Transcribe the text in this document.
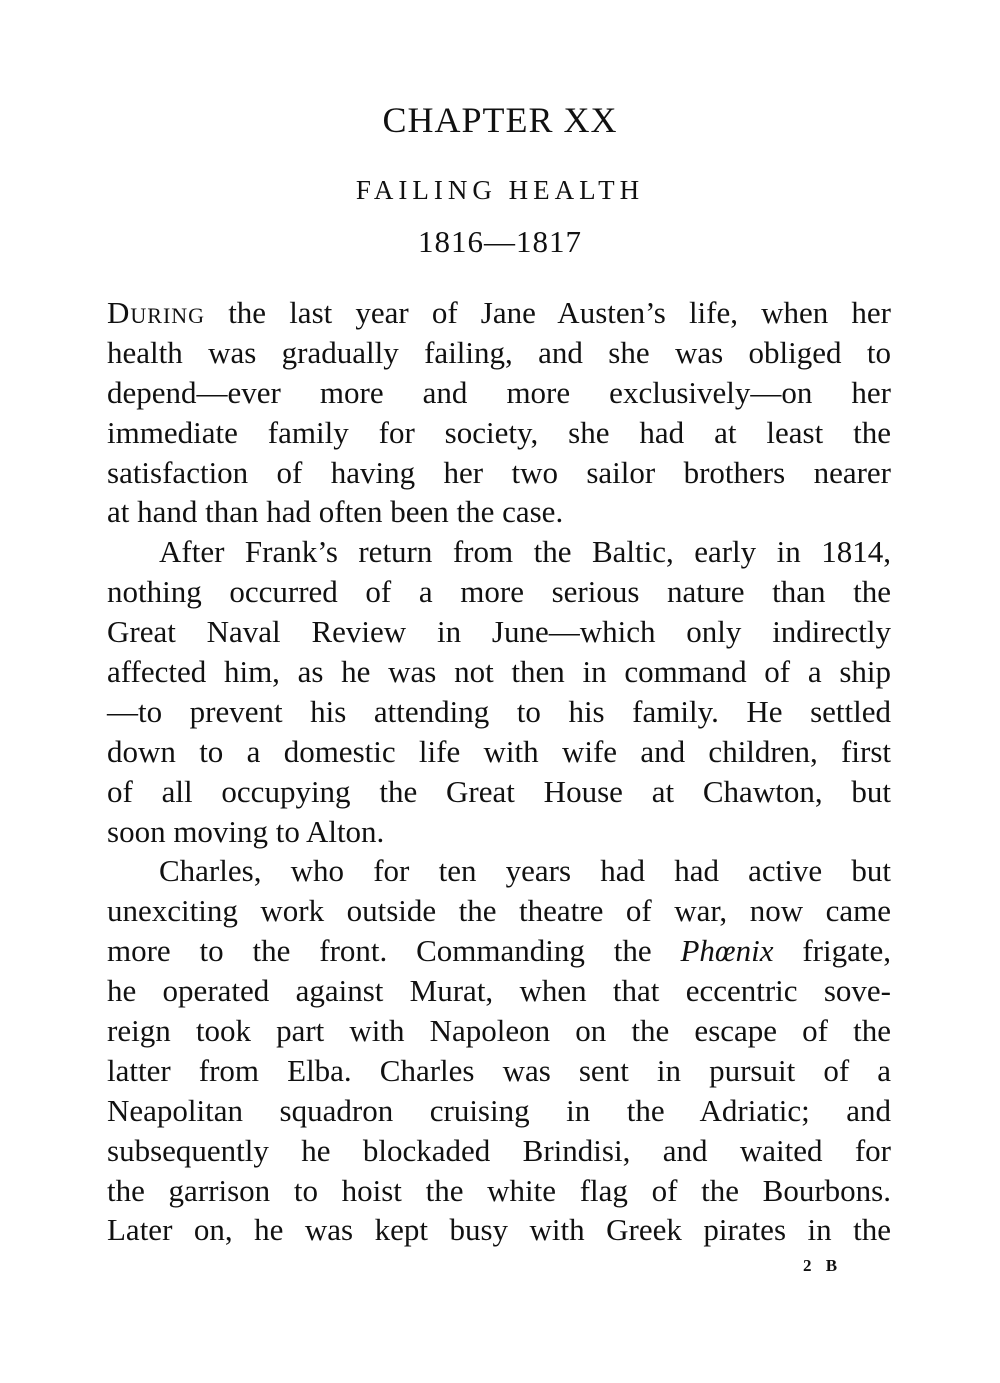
CHAPTER XX
FAILING HEALTH
1816—1817
During the last year of Jane Austen’s life, when her
health was gradually failing, and she was obliged to
depend—ever more and more exclusively—on her
immediate family for society, she had at least the
satisfaction of having her two sailor brothers nearer
at hand than had often been the case.
After Frank’s return from the Baltic, early in 1814,
nothing occurred of a more serious nature than the
Great Naval Review in June—which only indirectly
affected him, as he was not then in command of a ship
—to prevent his attending to his family. He settled
down to a domestic life with wife and children, first
of all occupying the Great House at Chawton, but
soon moving to Alton.
Charles, who for ten years had had active but
unexciting work outside the theatre of war, now came
more to the front. Commanding the Phœnix frigate,
he operated against Murat, when that eccentric sove-
reign took part with Napoleon on the escape of the
latter from Elba. Charles was sent in pursuit of a
Neapolitan squadron cruising in the Adriatic; and
subsequently he blockaded Brindisi, and waited for
the garrison to hoist the white flag of the Bourbons.
Later on, he was kept busy with Greek pirates in the
2 B
